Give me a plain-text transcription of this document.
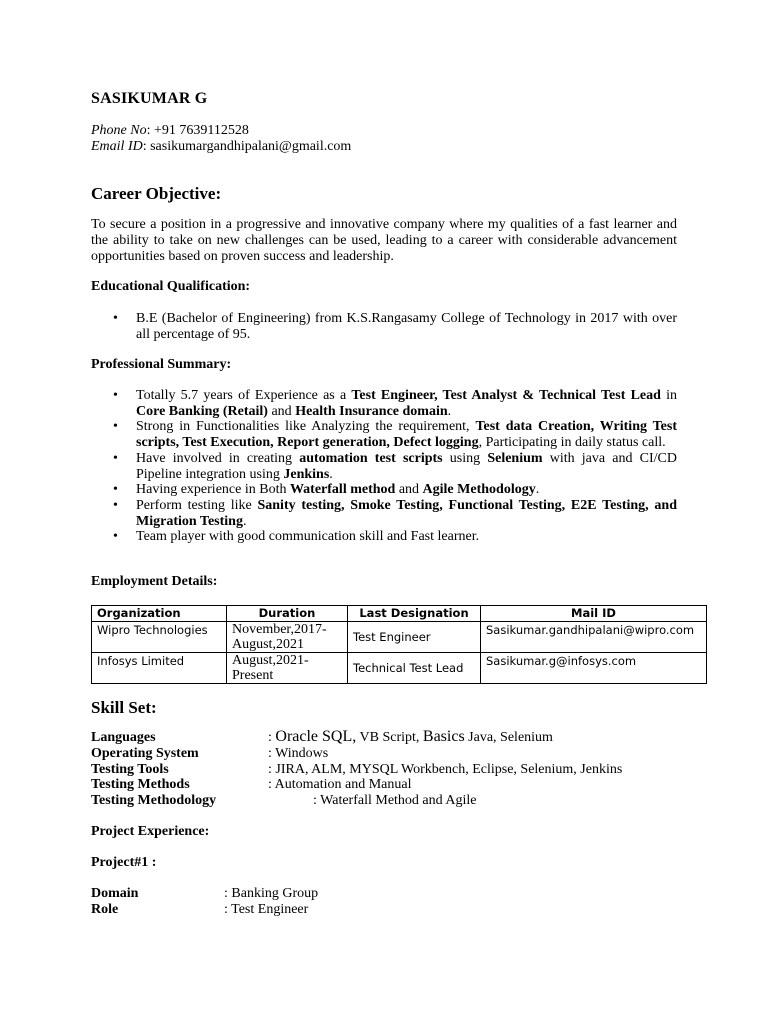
SASIKUMAR G
Phone No: +91 7639112528
Email ID: sasikumargandhipalani@gmail.com
Career Objective:
To secure a position in a progressive and innovative company where my qualities of a fast learner and the ability to take on new challenges can be used, leading to a career with considerable advancement opportunities based on proven success and leadership.
Educational Qualification:
• B.E (Bachelor of Engineering) from K.S.Rangasamy College of Technology in 2017 with over all percentage of 95.
Professional Summary:
• Totally 5.7 years of Experience as a Test Engineer, Test Analyst & Technical Test Lead in Core Banking (Retail) and Health Insurance domain.
• Strong in Functionalities like Analyzing the requirement, Test data Creation, Writing Test scripts, Test Execution, Report generation, Defect logging, Participating in daily status call.
• Have involved in creating automation test scripts using Selenium with java and CI/CD Pipeline integration using Jenkins.
• Having experience in Both Waterfall method and Agile Methodology.
• Perform testing like Sanity testing, Smoke Testing, Functional Testing, E2E Testing, and Migration Testing.
• Team player with good communication skill and Fast learner.
Employment Details:
Organization	Duration	Last Designation	Mail ID
Wipro Technologies	November,2017-August,2021	Test Engineer	Sasikumar.gandhipalani@wipro.com
Infosys Limited	August,2021-Present	Technical Test Lead	Sasikumar.g@infosys.com
Skill Set:
Languages	: Oracle SQL, VB Script, Basics Java, Selenium
Operating System	: Windows
Testing Tools	: JIRA, ALM, MYSQL Workbench, Eclipse, Selenium, Jenkins
Testing Methods	: Automation and Manual
Testing Methodology	: Waterfall Method and Agile
Project Experience:
Project#1 :
Domain	: Banking Group
Role	: Test Engineer
